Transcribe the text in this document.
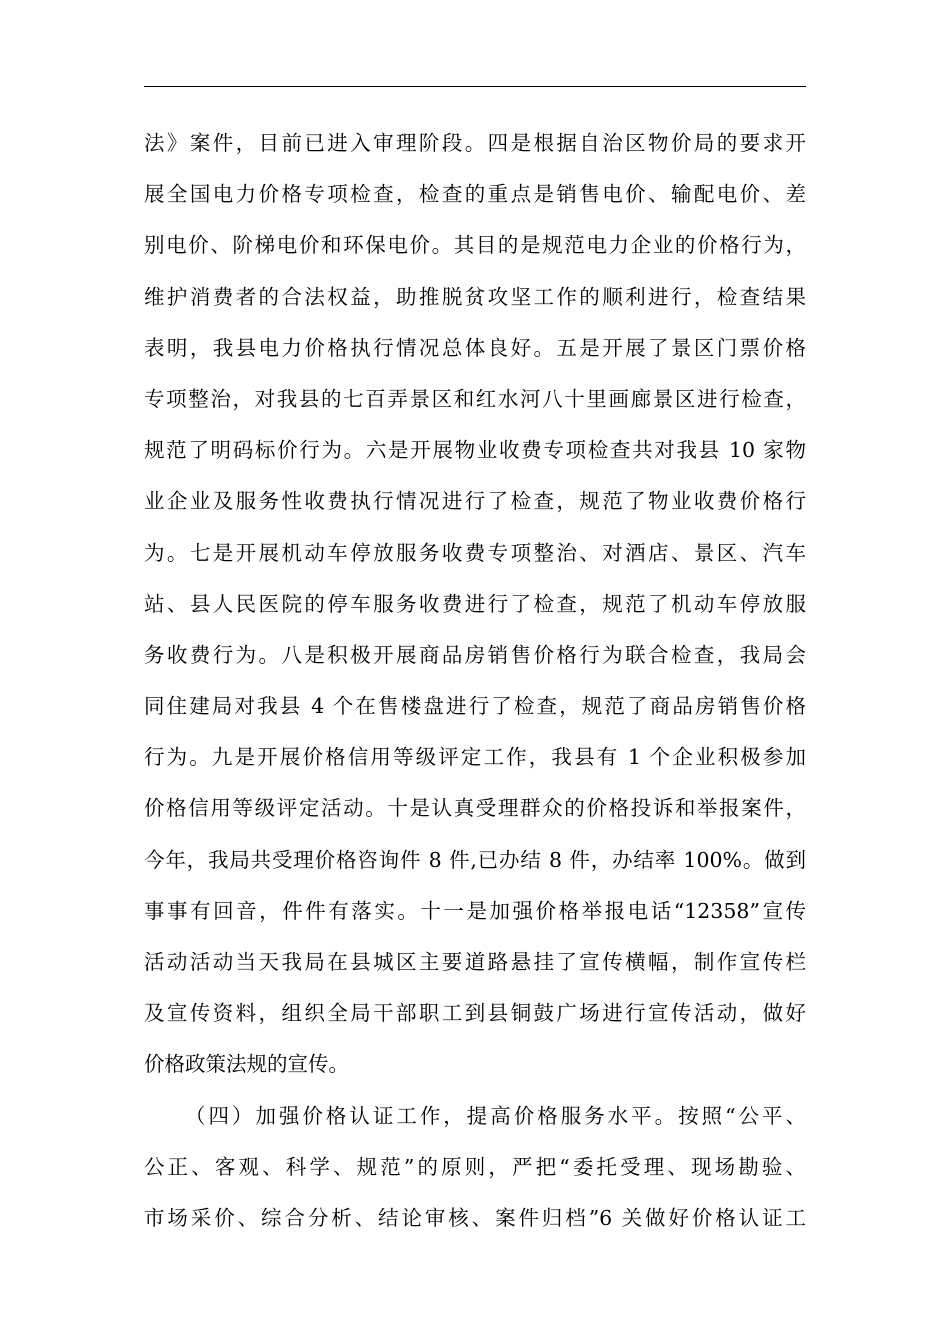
法》案件，目前已进入审理阶段。四是根据自治区物价局的要求开
展全国电力价格专项检查，检查的重点是销售电价、输配电价、差
别电价、阶梯电价和环保电价。其目的是规范电力企业的价格行为，
维护消费者的合法权益，助推脱贫攻坚工作的顺利进行，检查结果
表明，我县电力价格执行情况总体良好。五是开展了景区门票价格
专项整治，对我县的七百弄景区和红水河八十里画廊景区进行检查，
规范了明码标价行为。六是开展物业收费专项检查共对我县 10 家物
业企业及服务性收费执行情况进行了检查，规范了物业收费价格行
为。七是开展机动车停放服务收费专项整治、对酒店、景区、汽车
站、县人民医院的停车服务收费进行了检查，规范了机动车停放服
务收费行为。八是积极开展商品房销售价格行为联合检查，我局会
同住建局对我县 4 个在售楼盘进行了检查，规范了商品房销售价格
行为。九是开展价格信用等级评定工作，我县有 1 个企业积极参加
价格信用等级评定活动。十是认真受理群众的价格投诉和举报案件，
今年，我局共受理价格咨询件 8 件,已办结 8 件，办结率 100%。做到
事事有回音，件件有落实。十一是加强价格举报电话“12358”宣传
活动活动当天我局在县城区主要道路悬挂了宣传横幅，制作宣传栏
及宣传资料，组织全局干部职工到县铜鼓广场进行宣传活动，做好
价格政策法规的宣传。
（四）加强价格认证工作，提高价格服务水平。按照“公平、
公正、客观、科学、规范”的原则，严把“委托受理、现场勘验、
市场采价、综合分析、结论审核、案件归档”6 关做好价格认证工
